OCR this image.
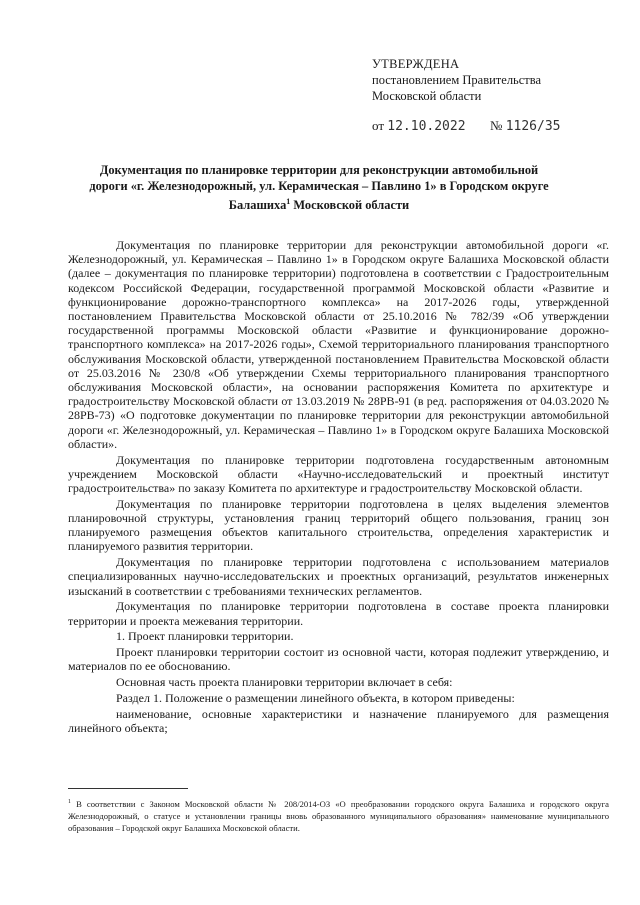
УТВЕРЖДЕНА
постановлением Правительства
Московской области
от 12.10.2022 № 1126/35
Документация по планировке территории для реконструкции автомобильной дороги «г. Железнодорожный, ул. Керамическая – Павлино 1» в Городском округе Балашиха$^1$ Московской области

Документация по планировке территории для реконструкции автомобильной дороги «г. Железнодорожный, ул. Керамическая – Павлино 1» в Городском округе Балашиха Московской области (далее – документация по планировке территории) подготовлена в соответствии с Градостроительным кодексом Российской Федерации, государственной программой Московской области «Развитие и функционирование дорожно-транспортного комплекса» на 2017-2026 годы, утвержденной постановлением Правительства Московской области от 25.10.2016 № 782/39 «Об утверждении государственной программы Московской области «Развитие и функционирование дорожно-транспортного комплекса» на 2017-2026 годы», Схемой территориального планирования транспортного обслуживания Московской области, утвержденной постановлением Правительства Московской области от 25.03.2016 № 230/8 «Об утверждении Схемы территориального планирования транспортного обслуживания Московской области», на основании распоряжения Комитета по архитектуре и градостроительству Московской области от 13.03.2019 № 28РВ-91 (в ред. распоряжения от 04.03.2020 № 28РВ-73) «О подготовке документации по планировке территории для реконструкции автомобильной дороги «г. Железнодорожный, ул. Керамическая – Павлино 1» в Городском округе Балашиха Московской области».

Документация по планировке территории подготовлена государственным автономным учреждением Московской области «Научно-исследовательский и проектный институт градостроительства» по заказу Комитета по архитектуре и градостроительству Московской области.

Документация по планировке территории подготовлена в целях выделения элементов планировочной структуры, установления границ территорий общего пользования, границ зон планируемого размещения объектов капитального строительства, определения характеристик и планируемого развития территории.

Документация по планировке территории подготовлена с использованием материалов специализированных научно-исследовательских и проектных организаций, результатов инженерных изысканий в соответствии с требованиями технических регламентов.

Документация по планировке территории подготовлена в составе проекта планировки территории и проекта межевания территории.

1. Проект планировки территории.

Проект планировки территории состоит из основной части, которая подлежит утверждению, и материалов по ее обоснованию.

Основная часть проекта планировки территории включает в себя:

Раздел 1. Положение о размещении линейного объекта, в котором приведены:

наименование, основные характеристики и назначение планируемого для размещения линейного объекта;

$^1$ В соответствии с Законом Московской области № 208/2014-ОЗ «О преобразовании городского округа Балашиха и городского округа Железнодорожный, о статусе и установлении границы вновь образованного муниципального образования» наименование муниципального образования – Городской округ Балашиха Московской области.
